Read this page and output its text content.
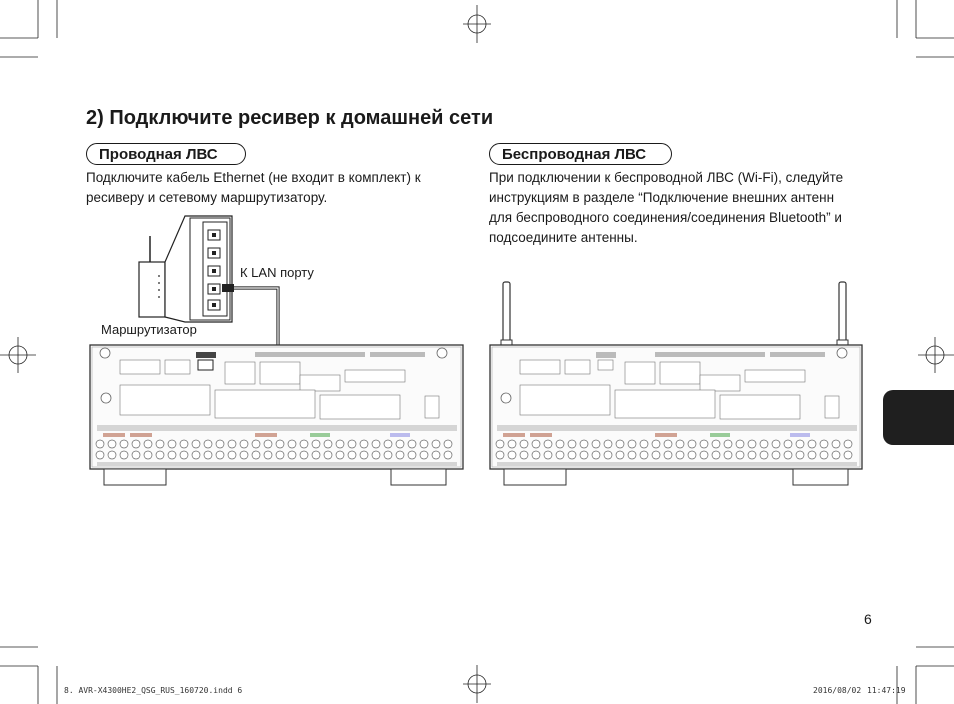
2) Подключите ресивер к домашней сети
Проводная ЛВС
Подключите кабель Ethernet (не входит в комплект) к
ресиверу и сетевому маршрутизатору.
Беспроводная ЛВС
При подключении к беспроводной ЛВС (Wi-Fi), следуйте
инструкциям в разделе “Подключение внешних антенн
для беспроводного соединения/соединения Bluetooth” и
подсоедините антенны.
К LAN порту
Маршрутизатор
6
8. AVR-X4300HE2_QSG_RUS_160720.indd 6	2016/08/02 11:47:19
